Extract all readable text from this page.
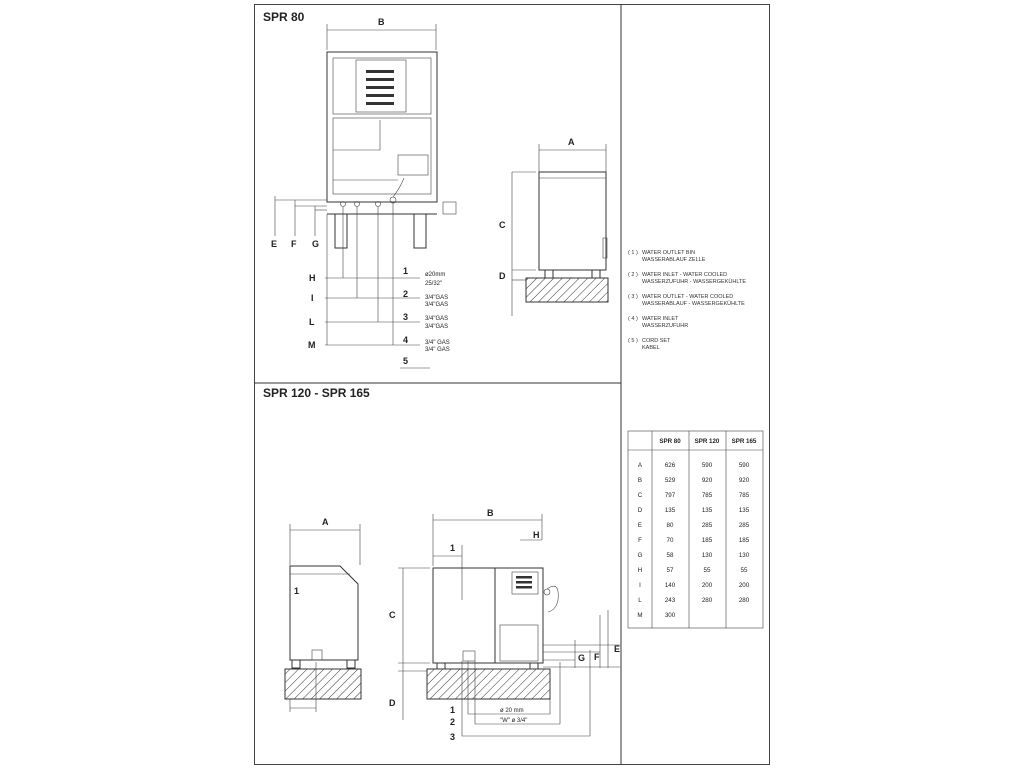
SPR 80
SPR 120 - SPR 165
B
E F G
H
I
L
M
1	ø20mm
25/32"
2	3/4"GAS
3/4"GAS
3	3/4"GAS
3/4"GAS
4	3/4" GAS
3/4" GAS
5
A
C
D
A
1
B
1
H
C
D
G F
E
1	ø 20 mm
2	"W" ø 3/4"
3
( 1 ) WATER OUTLET BIN
WASSERABLAUF ZELLE
( 2 ) WATER INLET - WATER COOLED
WASSERZUFUHR - WASSERGEKÜHLTE
( 3 ) WATER OUTLET - WATER COOLED
WASSERABLAUF - WASSERGEKÜHLTE
( 4 ) WATER INLET
WASSERZUFUHR
( 5 ) CORD SET
KABEL
SPR 80 SPR 120 SPR 165
A	626	590	590
B	529	920	920
C	797	785	785
D	135	135	135
E	80	285	285
F	70	185	185
G	58	130	130
H	57	55	55
I	140	200	200
L	243	280	280
M	300
